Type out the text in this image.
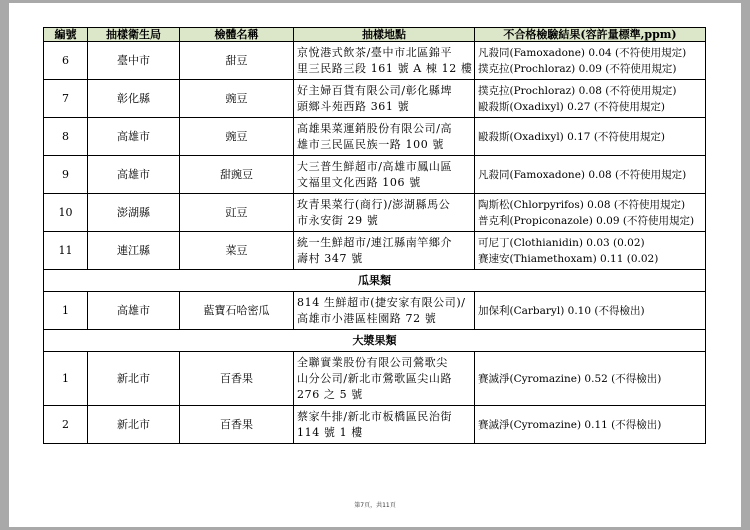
編號	抽樣衛生局	檢體名稱	抽樣地點	不合格檢驗結果(容許量標準,ppm)
6	臺中市	甜豆	京悅港式飲茶/臺中市北區錦平
里三民路三段 161 號 A 棟 12 樓	凡殺同(Famoxadone) 0.04 (不符使用規定)
撲克拉(Prochloraz) 0.09 (不符使用規定)

7	彰化縣	豌豆	好主婦百貨有限公司/彰化縣埤
頭鄉斗苑西路 361 號	撲克拉(Prochloraz) 0.08 (不符使用規定)
毆殺斯(Oxadixyl) 0.27 (不符使用規定)

8	高雄市	豌豆	高雄果菜運銷股份有限公司/高
雄市三民區民族一路 100 號	毆殺斯(Oxadixyl) 0.17 (不符使用規定)

9	高雄市	甜豌豆	大三普生鮮超市/高雄市鳳山區
文福里文化西路 106 號	凡殺同(Famoxadone) 0.08 (不符使用規定)

10	澎湖縣	豇豆	玫青果菜行(商行)/澎湖縣馬公
市永安街 29 號	陶斯松(Chlorpyrifos) 0.08 (不符使用規定)
普克利(Propiconazole) 0.09 (不符使用規定)

11	連江縣	菜豆	統一生鮮超市/連江縣南竿鄉介
壽村 347 號	可尼丁(Clothianidin) 0.03 (0.02)
賽速安(Thiamethoxam) 0.11 (0.02)

瓜果類				
1	高雄市	藍寶石哈密瓜	814 生鮮超市(捷安家有限公司)/
高雄市小港區桂園路 72 號	加保利(Carbaryl) 0.10 (不得檢出)

大漿果類				
1	新北市	百香果	全聯實業股份有限公司鶯歌尖
山分公司/新北市鶯歌區尖山路
276 之 5 號	賽滅淨(Cyromazine) 0.52 (不得檢出)

2	新北市	百香果	蔡家牛排/新北市板橋區民治街
114 號 1 樓	賽滅淨(Cyromazine) 0.11 (不得檢出)
第7頁，共11頁
